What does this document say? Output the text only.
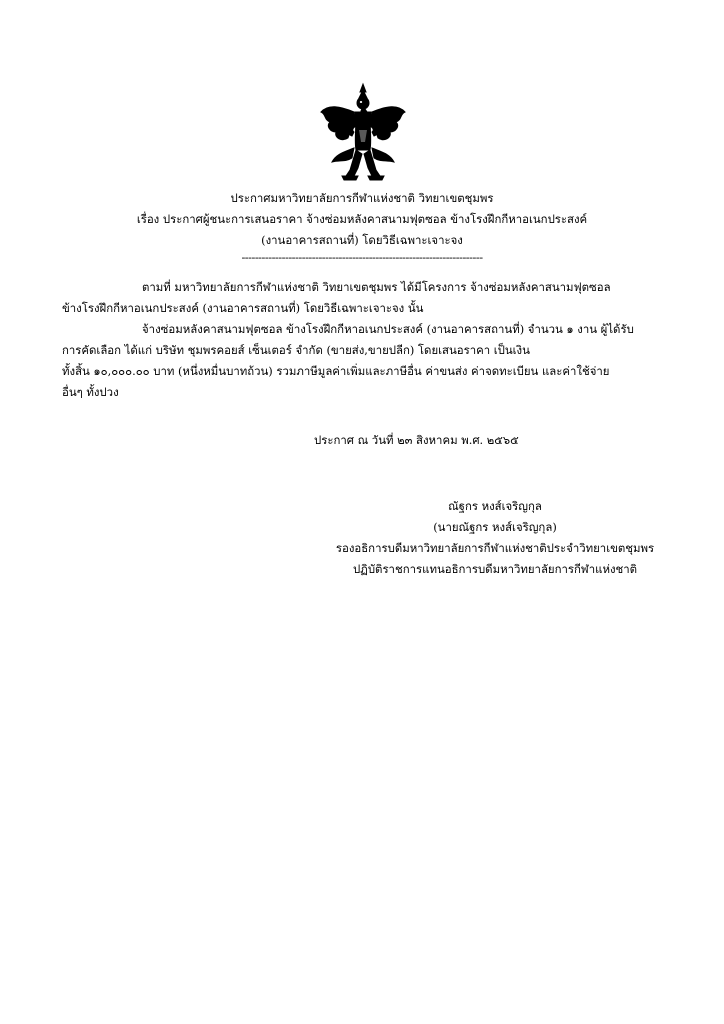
ประกาศมหาวิทยาลัยการกีฬาแห่งชาติ วิทยาเขตชุมพร
เรื่อง ประกาศผู้ชนะการเสนอราคา จ้างซ่อมหลังคาสนามฟุตซอล ข้างโรงฝึกกีหาอเนกประสงค์
(งานอาคารสถานที่) โดยวิธีเฉพาะเจาะจง
------------------------------------------------------------------------
ตามที่ มหาวิทยาลัยการกีฬาแห่งชาติ วิทยาเขตชุมพร ได้มีโครงการ จ้างซ่อมหลังคาสนามฟุตซอล
ข้างโรงฝึกกีหาอเนกประสงค์ (งานอาคารสถานที่) โดยวิธีเฉพาะเจาะจง นั้น
จ้างซ่อมหลังคาสนามฟุตซอล ข้างโรงฝึกกีหาอเนกประสงค์ (งานอาคารสถานที่) จำนวน ๑ งาน ผู้ได้รับ
การคัดเลือก ได้แก่ บริษัท ชุมพรคอยส์ เซ็นเตอร์ จำกัด (ขายส่ง,ขายปลีก) โดยเสนอราคา เป็นเงิน
ทั้งสิ้น ๑๐,๐๐๐.๐๐ บาท (หนึ่งหมื่นบาทถ้วน) รวมภาษีมูลค่าเพิ่มและภาษีอื่น ค่าขนส่ง ค่าจดทะเบียน และค่าใช้จ่าย
อื่นๆ ทั้งปวง
ประกาศ ณ วันที่ ๒๓ สิงหาคม พ.ศ. ๒๕๖๕
ณัฐกร หงส์เจริญกุล
(นายณัฐกร หงส์เจริญกุล)
รองอธิการบดีมหาวิทยาลัยการกีฬาแห่งชาติประจำวิทยาเขตชุมพร
ปฏิบัติราชการแทนอธิการบดีมหาวิทยาลัยการกีฬาแห่งชาติ
